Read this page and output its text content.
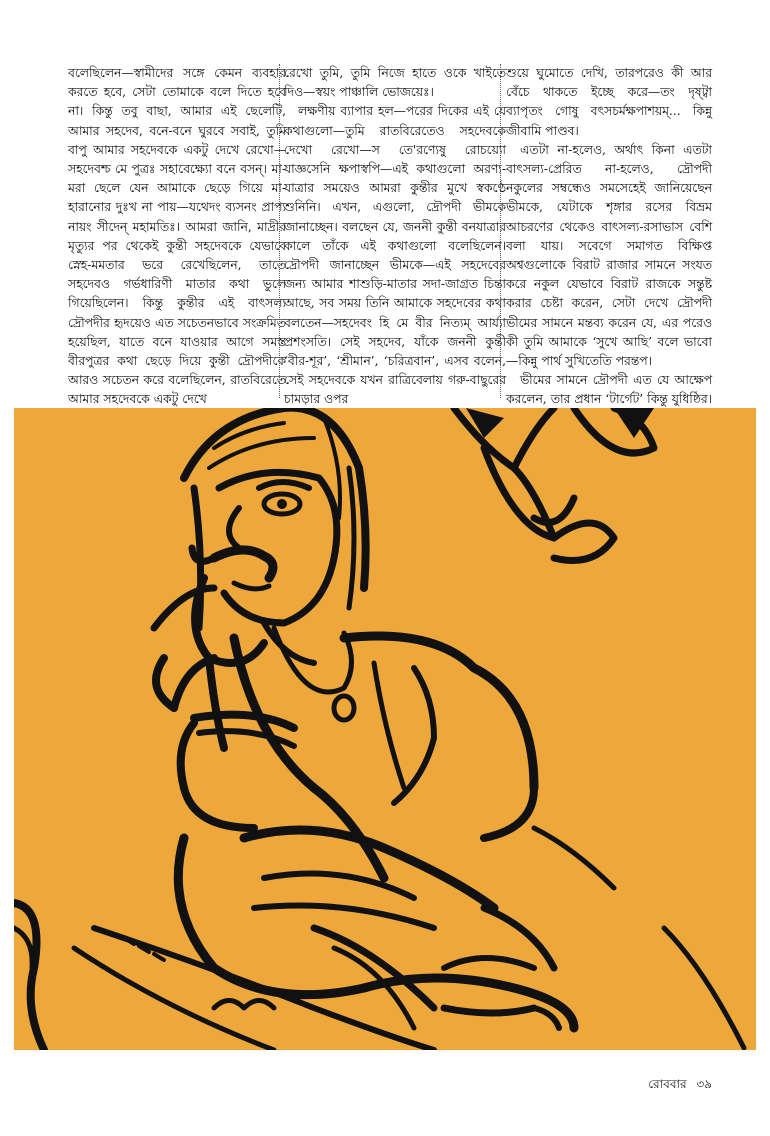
বলেছিলেন—স্বামীদের সঙ্গে কেমন ব্যবহার করতে হবে, সেটা তোমাকে বলে দিতে হবে না। কিন্তু তবু বাছা, আমার এই ছেলেটি, আমার সহদেব, বনে-বনে ঘুরবে সবাই, তুমি বাপু আমার সহদেবকে একটু দেখে রেখো—সহদেবশ্চ মে পুত্রঃ সহাবেক্ষ্যো বনে বসন্। মা-মরা ছেলে যেন আমাকে ছেড়ে গিয়ে মা-হারানোর দুঃখ না পায়—যথেদং ব্যসনং প্রাপ্য নায়ং সীদেন্ মহামতিঃ। আমরা জানি, মাদ্রীর মৃত্যুর পর থেকেই কুন্তী সহদেবকে যেভাবে স্নেহ-মমতার ভরে রেখেছিলেন, তাতে সহদেবও গর্ভধারিণী মাতার কথা ভুলে গিয়েছিলেন। কিন্তু কুন্তীর এই বাৎসল্য দ্রৌপদীর হৃদয়েও এত সচেতনভাবে সংক্রমিত হয়েছিল, যাতে বনে যাওয়ার আগে সমস্ত বীরপুত্রর কথা ছেড়ে দিয়ে কুন্তী দ্রৌপদীকে আরও সচেতন করে বলেছিলেন, রাতবিরেতে আমার সহদেবকে একটু দেখে

রেখো তুমি, তুমি নিজে হাতে ওকে খাইতে দিও—স্বয়ং পাঞ্চালি ভোজয়েঃ।

লক্ষণীয় ব্যাপার হল—পরের দিকের এই যে কথাগুলো—তুমি রাতবিরেতেও সহদেবকে দেখো রেখো—স তে'রণ্যেষু রোচয়্যো যাজ্ঞসেনি ক্ষপাস্বপি—এই কথাগুলো অরণ্য-যাত্রার সময়েও আমরা কুন্তীর মুখে স্বকণ্ঠে শুনিনি। এখন, এগুলো, দ্রৌপদী ভীমকে জানাচ্ছেন। বলছেন যে, জননী কুন্তী বনযাত্রার কালে তাঁকে এই কথাগুলো বলেছিলেন। দ্রৌপদী জানাচ্ছেন ভীমকে—এই সহদেবের জন্য আমার শাশুড়ি-মাতার সদা-জাগ্রত চিন্তা আছে, সব সময় তিনি আমাকে সহদেবের কথা বলতেন—সহদেবং হি মে বীর নিত্যম্ আর্য্যা প্রশংসতি। সেই সহদেব, যাঁকে জননী কুন্তী ‘বীর-শূর’, ‘শ্রীমান’, ‘চরিত্রবান’, এসব বলেন, সেই সহদেবকে যখন রাত্রিবেলায় গরু-বাছুরের চামড়ার ওপর

শুয়ে ঘুমোতে দেখি, তারপরেও কী আর বেঁচে থাকতে ইচ্ছে করে—তং দৃষ্ট্বা ব্যাপৃতং গোষু বৎসচর্মক্ষপাশয়ম্... কিন্নু জীবামি পাণ্ডব।

এতটা না-হলেও, অর্থাৎ কিনা এতটা বাৎসল্য-প্রেরিত না-হলেও, দ্রৌপদী নকুলের সম্বন্ধেও সমসেহেই জানিয়েছেন ভীমকে, যেটাকে শৃঙ্গার রসের বিভ্রম আচরণের থেকেও বাৎসল্য-রসাভাস বেশি বলা যায়। সবেগে সমাগত বিক্ষিপ্ত অশ্বগুলোকে বিরাট রাজার সামনে সংযত করে নকুল যেভাবে বিরাট রাজকে সন্তুষ্ট করার চেষ্টা করেন, সেটা দেখে দ্রৌপদী ভীমের সামনে মন্তব্য করেন যে, এর পরেও কী তুমি আমাকে ‘সুখে আছি’ বলে ভাবো—কিন্নু পার্থ সুখিতেতি পরন্তপ।

ভীমের সামনে দ্রৌপদী এত যে আক্ষেপ করলেন, তার প্রধান ‘টার্গেট’ কিন্তু যুধিষ্ঠির।

রোববার ৩৯
